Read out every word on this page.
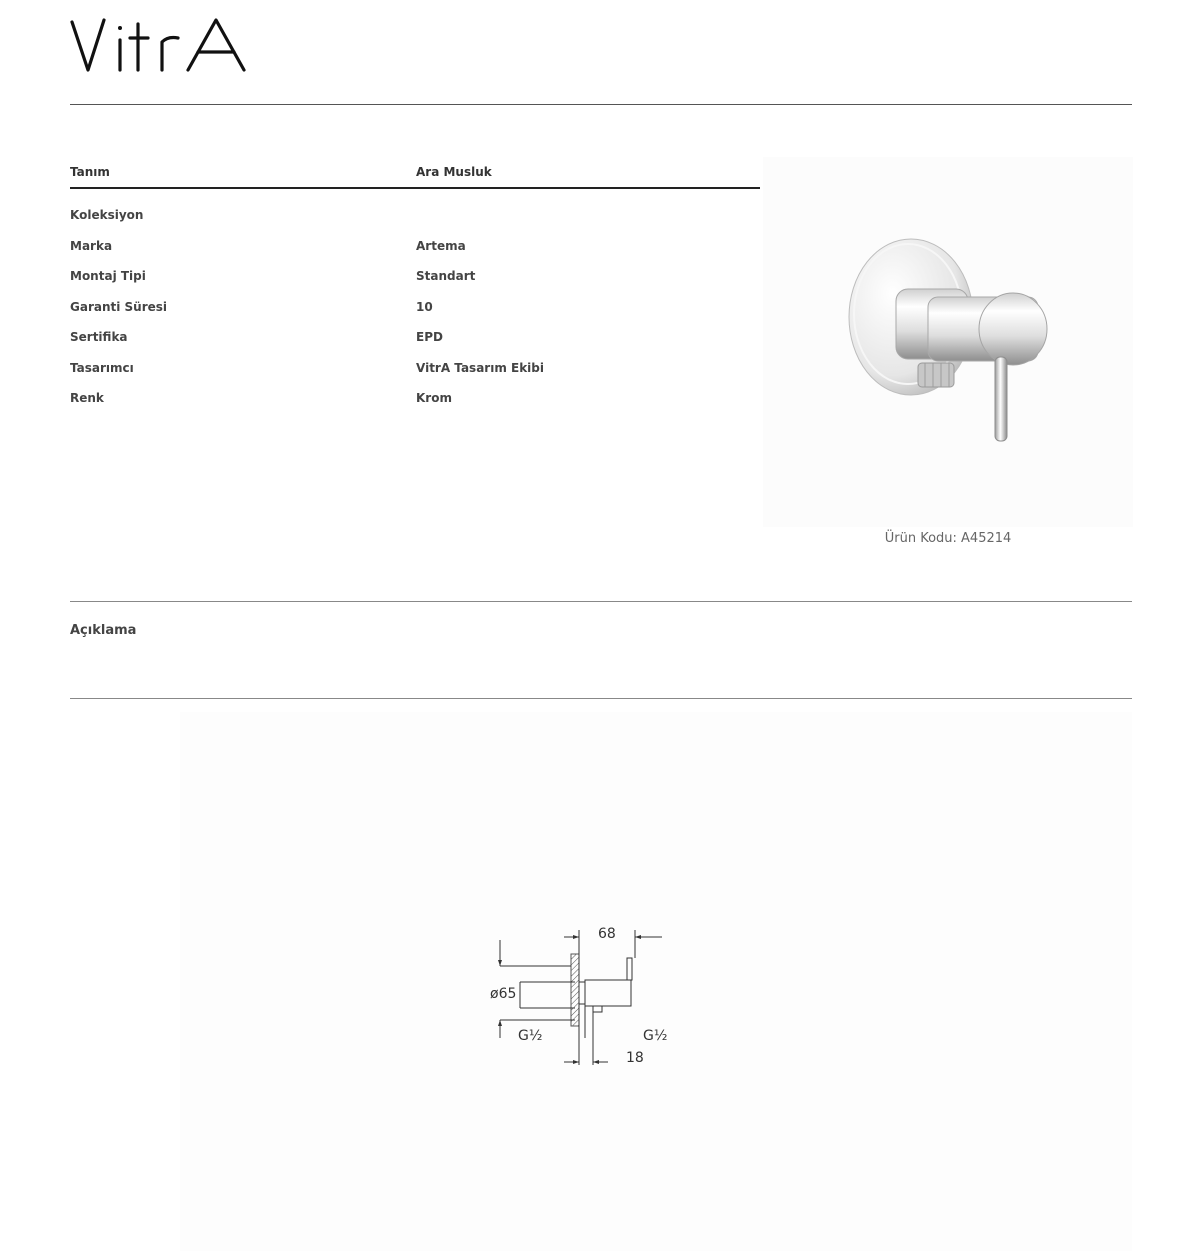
Tanım	Ara Musluk
Koleksiyon
Marka	Artema
Montaj Tipi	Standart
Garanti Süresi	10
Sertifika	EPD
Tasarımcı	VitrA Tasarım Ekibi
Renk	Krom
Ürün Kodu: A45214
Açıklama
68
ø65
G½	G½
18
